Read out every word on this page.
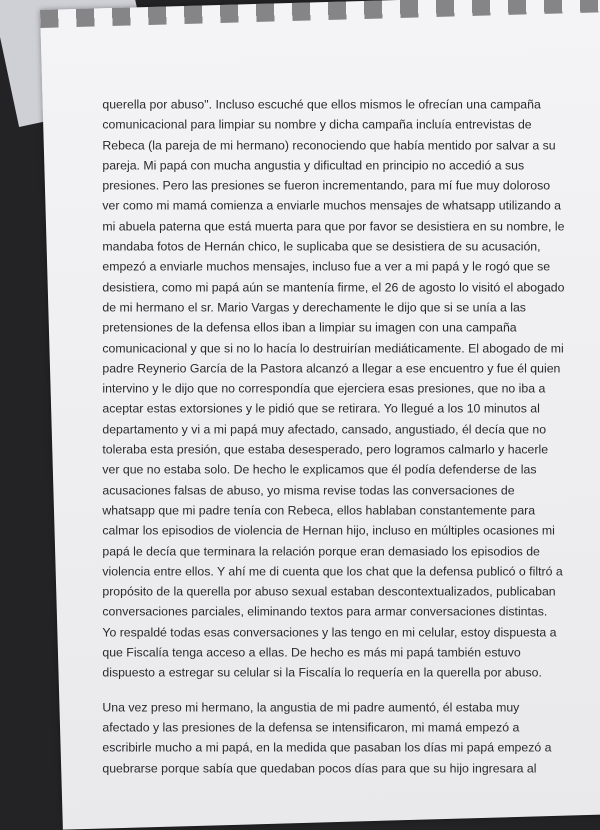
querella por abuso". Incluso escuché que ellos mismos le ofrecían una campaña
comunicacional para limpiar su nombre y dicha campaña incluía entrevistas de
Rebeca (la pareja de mi hermano) reconociendo que había mentido por salvar a su
pareja. Mi papá con mucha angustia y dificultad en principio no accedió a sus
presiones. Pero las presiones se fueron incrementando, para mí fue muy doloroso
ver como mi mamá comienza a enviarle muchos mensajes de whatsapp utilizando a
mi abuela paterna que está muerta para que por favor se desistiera en su nombre, le
mandaba fotos de Hernán chico, le suplicaba que se desistiera de su acusación,
empezó a enviarle muchos mensajes, incluso fue a ver a mi papá y le rogó que se
desistiera, como mi papá aún se mantenía firme, el 26 de agosto lo visitó el abogado
de mi hermano el sr. Mario Vargas y derechamente le dijo que si se unía a las
pretensiones de la defensa ellos iban a limpiar su imagen con una campaña
comunicacional y que si no lo hacía lo destruirían mediáticamente. El abogado de mi
padre Reynerio García de la Pastora alcanzó a llegar a ese encuentro y fue él quien
intervino y le dijo que no correspondía que ejerciera esas presiones, que no iba a
aceptar estas extorsiones y le pidió que se retirara. Yo llegué a los 10 minutos al
departamento y vi a mi papá muy afectado, cansado, angustiado, él decía que no
toleraba esta presión, que estaba desesperado, pero logramos calmarlo y hacerle
ver que no estaba solo. De hecho le explicamos que él podía defenderse de las
acusaciones falsas de abuso, yo misma revise todas las conversaciones de
whatsapp que mi padre tenía con Rebeca, ellos hablaban constantemente para
calmar los episodios de violencia de Hernan hijo, incluso en múltiples ocasiones mi
papá le decía que terminara la relación porque eran demasiado los episodios de
violencia entre ellos. Y ahí me di cuenta que los chat que la defensa publicó o filtró a
propósito de la querella por abuso sexual estaban descontextualizados, publicaban
conversaciones parciales, eliminando textos para armar conversaciones distintas.
Yo respaldé todas esas conversaciones y las tengo en mi celular, estoy dispuesta a
que Fiscalía tenga acceso a ellas. De hecho es más mi papá también estuvo
dispuesto a estregar su celular si la Fiscalía lo requería en la querella por abuso.

Una vez preso mi hermano, la angustia de mi padre aumentó, él estaba muy
afectado y las presiones de la defensa se intensificaron, mi mamá empezó a
escribirle mucho a mi papá, en la medida que pasaban los días mi papá empezó a
quebrarse porque sabía que quedaban pocos días para que su hijo ingresara al
